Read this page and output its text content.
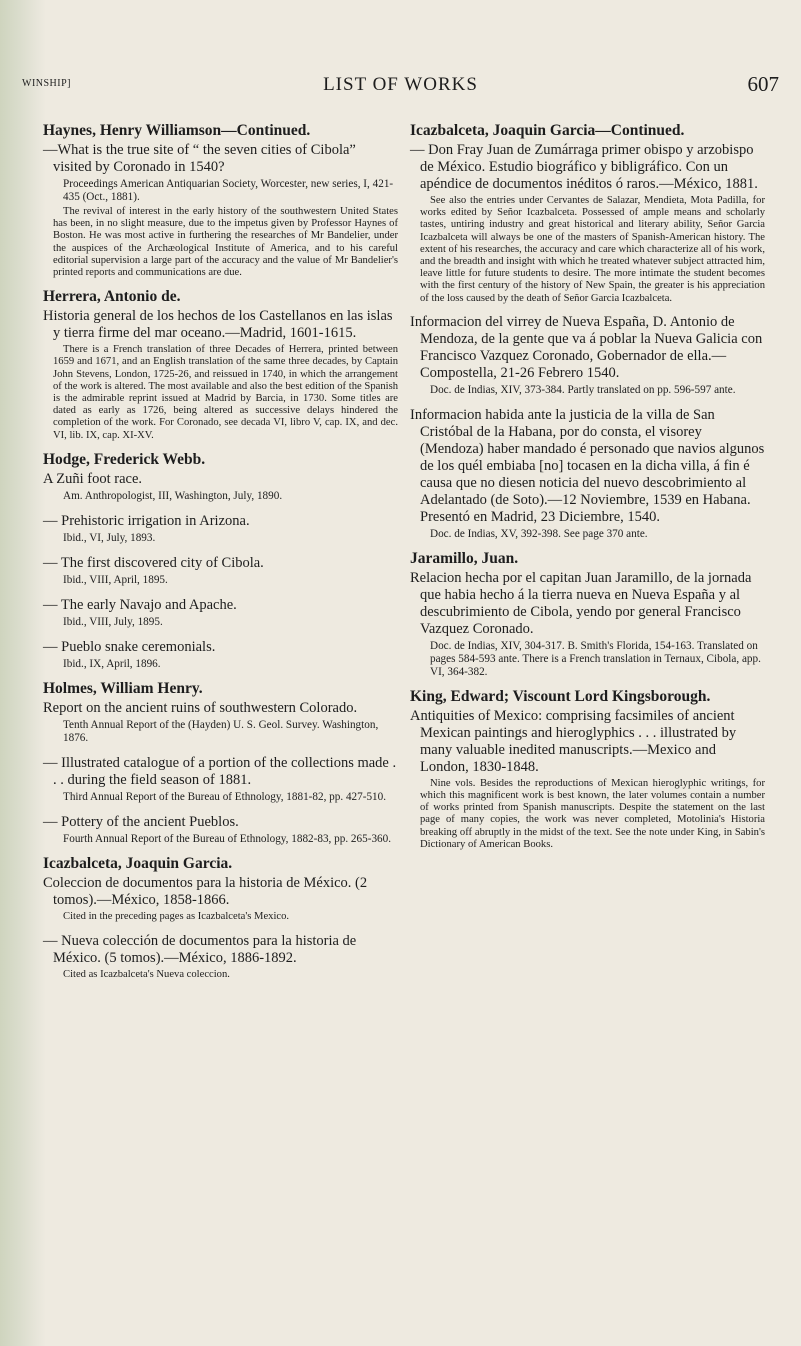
WINSHIP]	LIST OF WORKS	607

Haynes, Henry Williamson—Continued.

—What is the true site of “ the seven cities of Cibola” visited by Coronado in 1540?

Proceedings American Antiquarian Society, Worcester, new series, I, 421-435 (Oct., 1881).

The revival of interest in the early history of the southwestern United States has been, in no slight measure, due to the impetus given by Professor Haynes of Boston. He was most active in furthering the researches of Mr Bandelier, under the auspices of the Archæological Institute of America, and to his careful editorial supervision a large part of the accuracy and the value of Mr Bandelier's printed reports and communications are due.

Herrera, Antonio de.

Historia general de los hechos de los Castellanos en las islas y tierra firme del mar oceano.—Madrid, 1601-1615.

There is a French translation of three Decades of Herrera, printed between 1659 and 1671, and an English translation of the same three decades, by Captain John Stevens, London, 1725-26, and reissued in 1740, in which the arrangement of the work is altered. The most available and also the best edition of the Spanish is the admirable reprint issued at Madrid by Barcia, in 1730. Some titles are dated as early as 1726, being altered as successive delays hindered the completion of the work. For Coronado, see decada VI, libro V, cap. IX, and dec. VI, lib. IX, cap. XI-XV.

Hodge, Frederick Webb.

A Zuñi foot race.

Am. Anthropologist, III, Washington, July, 1890.

— Prehistoric irrigation in Arizona.

Ibid., VI, July, 1893.

— The first discovered city of Cibola.

Ibid., VIII, April, 1895.

— The early Navajo and Apache.

Ibid., VIII, July, 1895.

— Pueblo snake ceremonials.

Ibid., IX, April, 1896.

Holmes, William Henry.

Report on the ancient ruins of southwestern Colorado.

Tenth Annual Report of the (Hayden) U. S. Geol. Survey. Washington, 1876.

— Illustrated catalogue of a portion of the collections made . . . during the field season of 1881.

Third Annual Report of the Bureau of Ethnology, 1881-82, pp. 427-510.

— Pottery of the ancient Pueblos.

Fourth Annual Report of the Bureau of Ethnology, 1882-83, pp. 265-360.

Icazbalceta, Joaquin Garcia.

Coleccion de documentos para la historia de México. (2 tomos).—México, 1858-1866.

Cited in the preceding pages as Icazbalceta's Mexico.

— Nueva colección de documentos para la historia de México. (5 tomos).—México, 1886-1892.

Cited as Icazbalceta's Nueva coleccion.

Icazbalceta, Joaquin Garcia—Continued.

— Don Fray Juan de Zumárraga primer obispo y arzobispo de México. Estudio biográfico y bibligráfico. Con un apéndice de documentos inéditos ó raros.—México, 1881.

See also the entries under Cervantes de Salazar, Mendieta, Mota Padilla, for works edited by Señor Icazbalceta. Possessed of ample means and scholarly tastes, untiring industry and great historical and literary ability, Señor Garcia Icazbalceta will always be one of the masters of Spanish-American history. The extent of his researches, the accuracy and care which characterize all of his work, and the breadth and insight with which he treated whatever subject attracted him, leave little for future students to desire. The more intimate the student becomes with the first century of the history of New Spain, the greater is his appreciation of the loss caused by the death of Señor Garcia Icazbalceta.

Informacion del virrey de Nueva España, D. Antonio de Mendoza, de la gente que va á poblar la Nueva Galicia con Francisco Vazquez Coronado, Gobernador de ella.— Compostella, 21-26 Febrero 1540.

Doc. de Indias, XIV, 373-384. Partly translated on pp. 596-597 ante.

Informacion habida ante la justicia de la villa de San Cristóbal de la Habana, por do consta, el visorey (Mendoza) haber mandado é personado que navios algunos de los quél embiaba [no] tocasen en la dicha villa, á fin é causa que no diesen noticia del nuevo descobrimiento al Adelantado (de Soto).—12 Noviembre, 1539 en Habana. Presentó en Madrid, 23 Diciembre, 1540.

Doc. de Indias, XV, 392-398. See page 370 ante.

Jaramillo, Juan.

Relacion hecha por el capitan Juan Jaramillo, de la jornada que habia hecho á la tierra nueva en Nueva España y al descubrimiento de Cibola, yendo por general Francisco Vazquez Coronado.

Doc. de Indias, XIV, 304-317. B. Smith's Florida, 154-163. Translated on pages 584-593 ante. There is a French translation in Ternaux, Cibola, app. VI, 364-382.

King, Edward; Viscount Lord Kingsborough.

Antiquities of Mexico: comprising facsimiles of ancient Mexican paintings and hieroglyphics . . . illustrated by many valuable inedited manuscripts.—Mexico and London, 1830-1848.

Nine vols. Besides the reproductions of Mexican hieroglyphic writings, for which this magnificent work is best known, the later volumes contain a number of works printed from Spanish manuscripts. Despite the statement on the last page of many copies, the work was never completed, Motolinia's Historia breaking off abruptly in the midst of the text. See the note under King, in Sabin's Dictionary of American Books.
